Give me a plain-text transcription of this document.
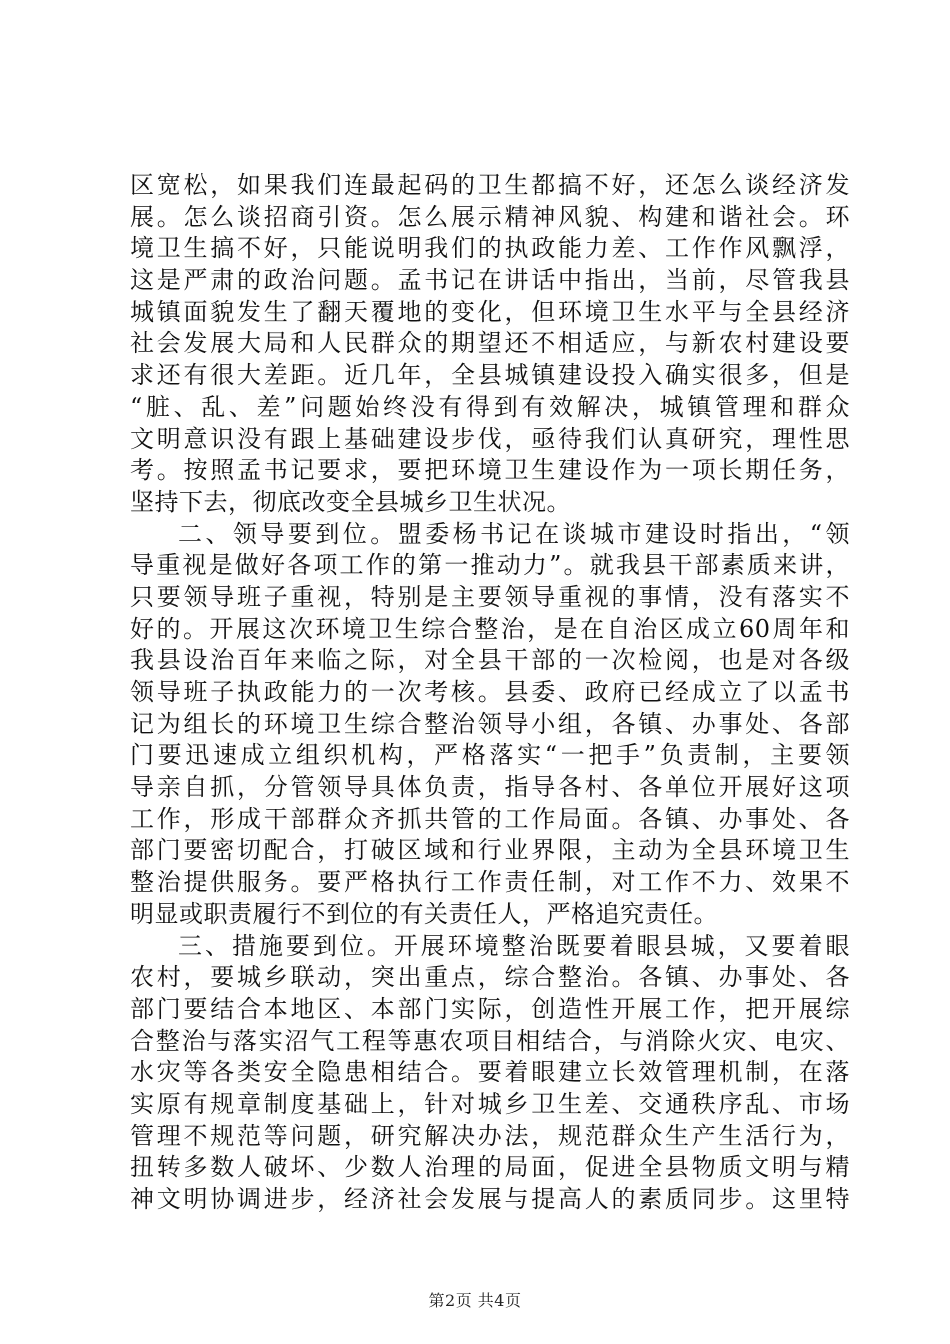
区宽松，如果我们连最起码的卫生都搞不好，还怎么谈经济发
展。怎么谈招商引资。怎么展示精神风貌、构建和谐社会。环
境卫生搞不好，只能说明我们的执政能力差、工作作风飘浮，
这是严肃的政治问题。孟书记在讲话中指出，当前，尽管我县
城镇面貌发生了翻天覆地的变化，但环境卫生水平与全县经济
社会发展大局和人民群众的期望还不相适应，与新农村建设要
求还有很大差距。近几年，全县城镇建设投入确实很多，但是
“脏、乱、差”问题始终没有得到有效解决，城镇管理和群众
文明意识没有跟上基础建设步伐，亟待我们认真研究，理性思
考。按照孟书记要求，要把环境卫生建设作为一项长期任务，
坚持下去，彻底改变全县城乡卫生状况。
二、领导要到位。盟委杨书记在谈城市建设时指出，“领
导重视是做好各项工作的第一推动力”。就我县干部素质来讲，
只要领导班子重视，特别是主要领导重视的事情，没有落实不
好的。开展这次环境卫生综合整治，是在自治区成立60周年和
我县设治百年来临之际，对全县干部的一次检阅，也是对各级
领导班子执政能力的一次考核。县委、政府已经成立了以孟书
记为组长的环境卫生综合整治领导小组，各镇、办事处、各部
门要迅速成立组织机构，严格落实“一把手”负责制，主要领
导亲自抓，分管领导具体负责，指导各村、各单位开展好这项
工作，形成干部群众齐抓共管的工作局面。各镇、办事处、各
部门要密切配合，打破区域和行业界限，主动为全县环境卫生
整治提供服务。要严格执行工作责任制，对工作不力、效果不
明显或职责履行不到位的有关责任人，严格追究责任。
三、措施要到位。开展环境整治既要着眼县城，又要着眼
农村，要城乡联动，突出重点，综合整治。各镇、办事处、各
部门要结合本地区、本部门实际，创造性开展工作，把开展综
合整治与落实沼气工程等惠农项目相结合，与消除火灾、电灾、
水灾等各类安全隐患相结合。要着眼建立长效管理机制，在落
实原有规章制度基础上，针对城乡卫生差、交通秩序乱、市场
管理不规范等问题，研究解决办法，规范群众生产生活行为，
扭转多数人破坏、少数人治理的局面，促进全县物质文明与精
神文明协调进步，经济社会发展与提高人的素质同步。这里特
第2页 共4页
